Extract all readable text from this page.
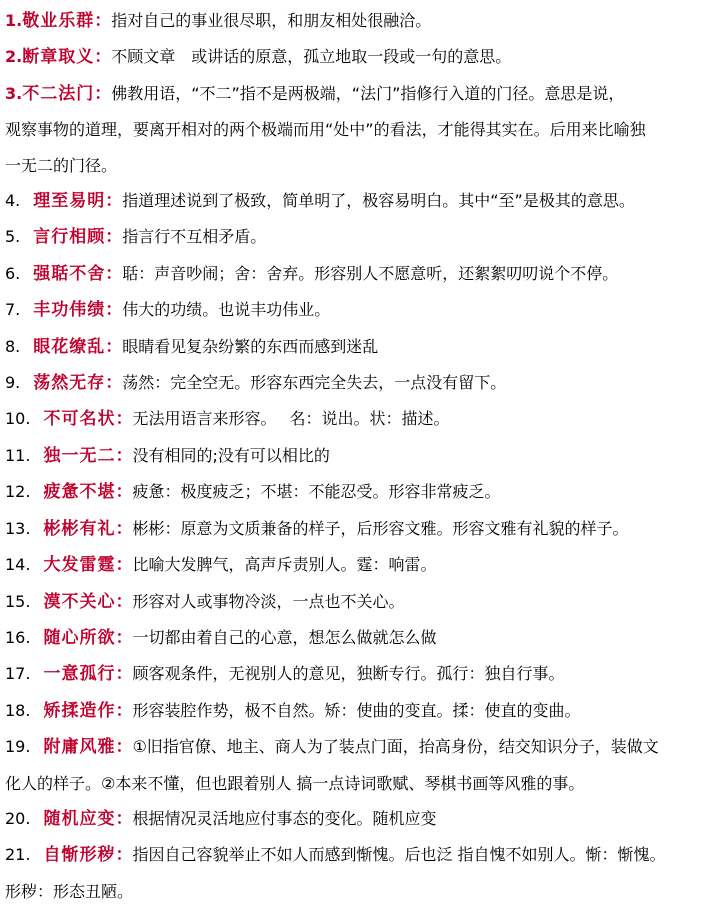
1.敬业乐群：指对自己的事业很尽职，和朋友相处很融洽。

2.断章取义：不顾文章　或讲话的原意，孤立地取一段或一句的意思。

3.不二法门：佛教用语，“不二”指不是两极端，“法门”指修行入道的门径。意思是说，

观察事物的道理，要离开相对的两个极端而用“处中”的看法，才能得其实在。后用来比喻独

一无二的门径。

4. 理至易明：指道理述说到了极致，简单明了，极容易明白。其中“至”是极其的意思。

5. 言行相顾：指言行不互相矛盾。

6. 强聒不舍：聒：声音吵闹；舍：舍弃。形容别人不愿意听，还絮絮叨叨说个不停。

7. 丰功伟绩：伟大的功绩。也说丰功伟业。

8. 眼花缭乱：眼睛看见复杂纷繁的东西而感到迷乱

9. 荡然无存：荡然：完全空无。形容东西完全失去，一点没有留下。

10. 不可名状：无法用语言来形容。　 名：说出。状：描述。

11. 独一无二：没有相同的;没有可以相比的

12. 疲惫不堪：疲惫：极度疲乏；不堪：不能忍受。形容非常疲乏。

13. 彬彬有礼：彬彬：原意为文质兼备的样子，后形容文雅。形容文雅有礼貌的样子。

14. 大发雷霆：比喻大发脾气，高声斥责别人。霆：响雷。

15. 漠不关心：形容对人或事物冷淡，一点也不关心。

16. 随心所欲：一切都由着自己的心意，想怎么做就怎么做

17. 一意孤行：顾客观条件，无视别人的意见，独断专行。孤行：独自行事。

18. 矫揉造作：形容装腔作势，极不自然。矫：使曲的变直。揉：使直的变曲。

19. 附庸风雅：①旧指官僚、地主、商人为了装点门面，抬高身份，结交知识分子，装做文

化人的样子。②本来不懂，但也跟着别人 搞一点诗词歌赋、琴棋书画等风雅的事。

20. 随机应变：根据情况灵活地应付事态的变化。随机应变

21. 自惭形秽：指因自己容貌举止不如人而感到惭愧。后也泛 指自愧不如别人。惭：惭愧。

形秽：形态丑陋。
